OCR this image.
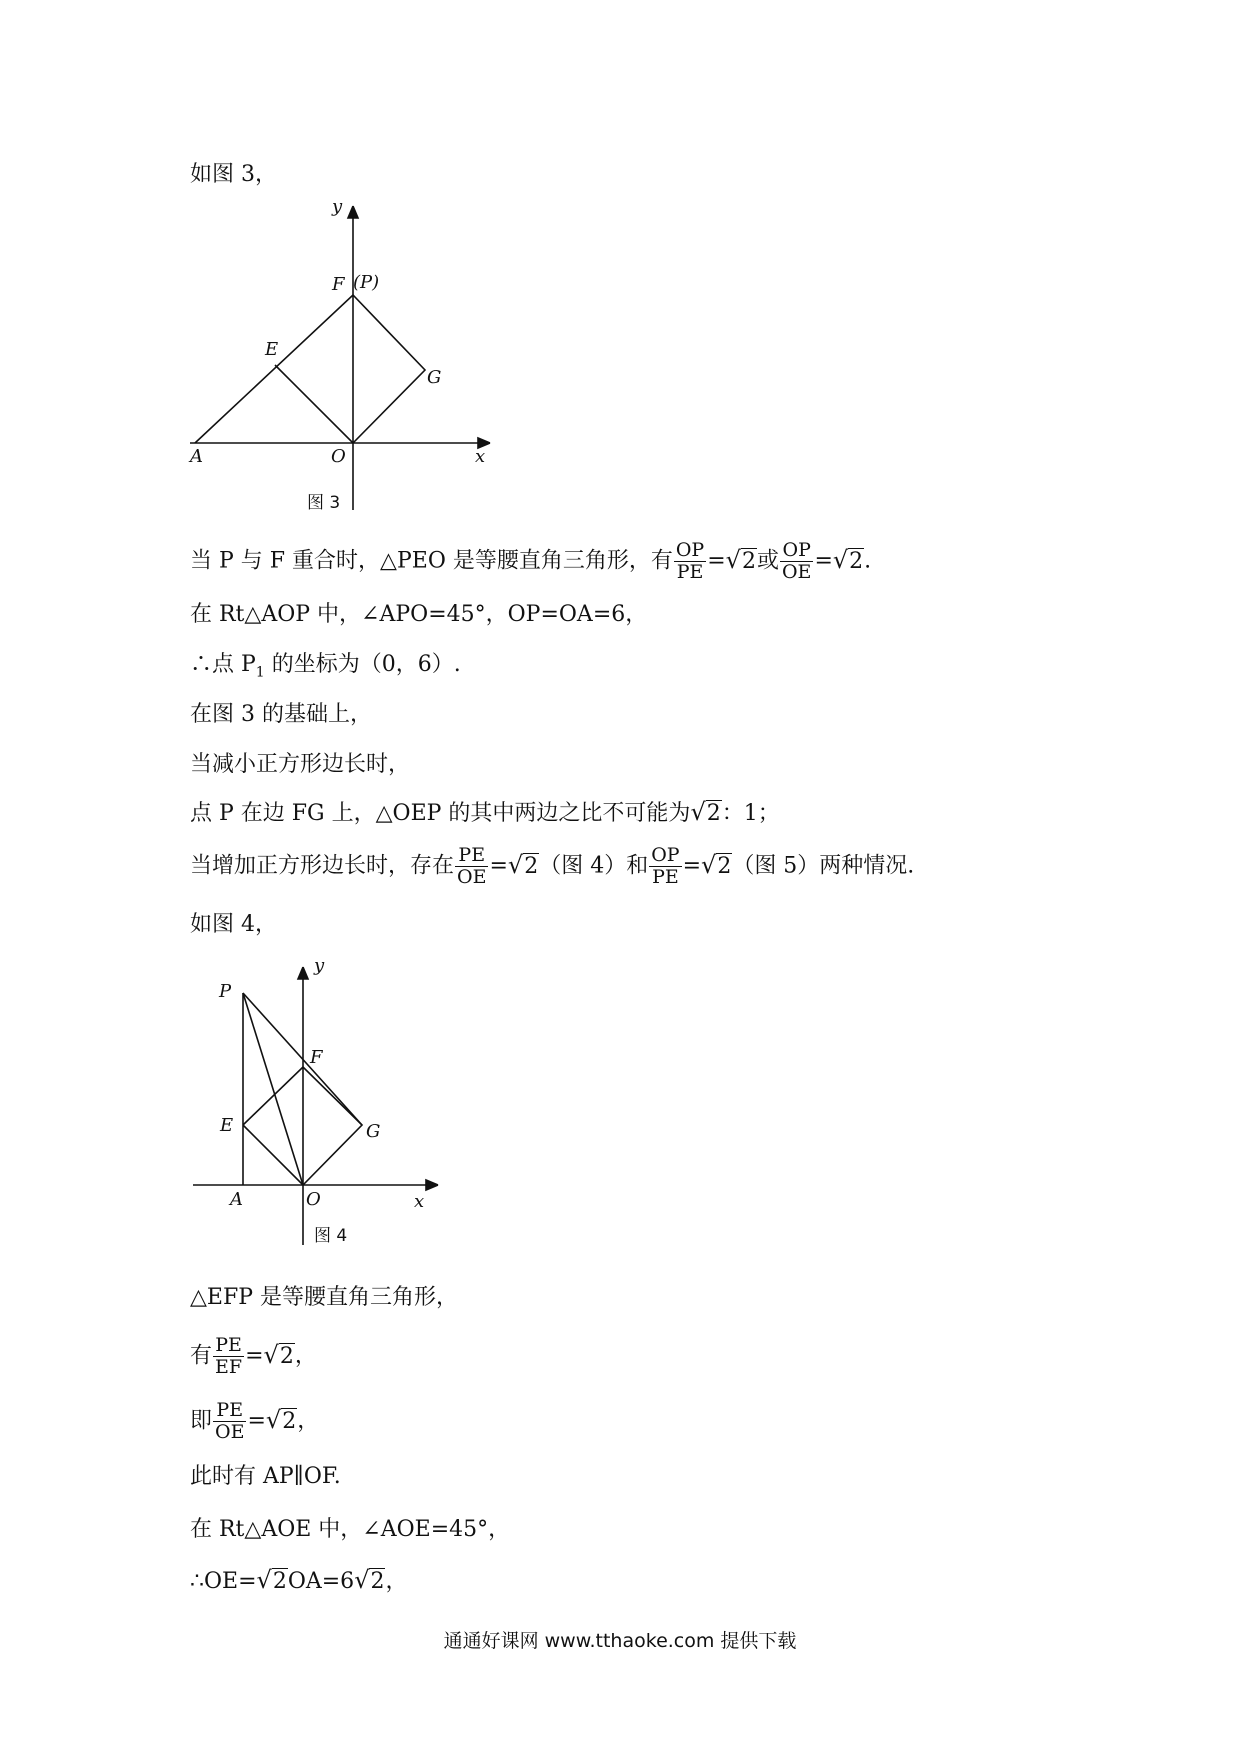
如图 3，
y
x
F (P)
E
G
A	O
图 3
当 P 与 F 重合时，△PEO 是等腰直角三角形，有 $\frac{OP}{PE} =√2$或 $\frac{OP}{OE} =√2$.
在 Rt△AOP 中，∠APO=45°，OP=OA=6，
∴点 $P_1$ 的坐标为（0，6）.
在图 3 的基础上，
当减小正方形边长时，
点 P 在边 FG 上，△OEP 的其中两边之比不可能为√2：1；
当增加正方形边长时，存在 $\frac{PE}{OE} =√2$（图 4）和 $\frac{OP}{PE} =√2$（图 5）两种情况.
如图 4，
P
y
F
E	G
A	O	x
图 4
△EFP 是等腰直角三角形，
有 $\frac{PE}{EF} =√2$，
即 $\frac{PE}{OE} =√2$，
此时有 AP∥OF.
在 Rt△AOE 中，∠AOE=45°，
∴OE=√2OA=6√2，
通通好课网 www.tthaoke.com 提供下载
